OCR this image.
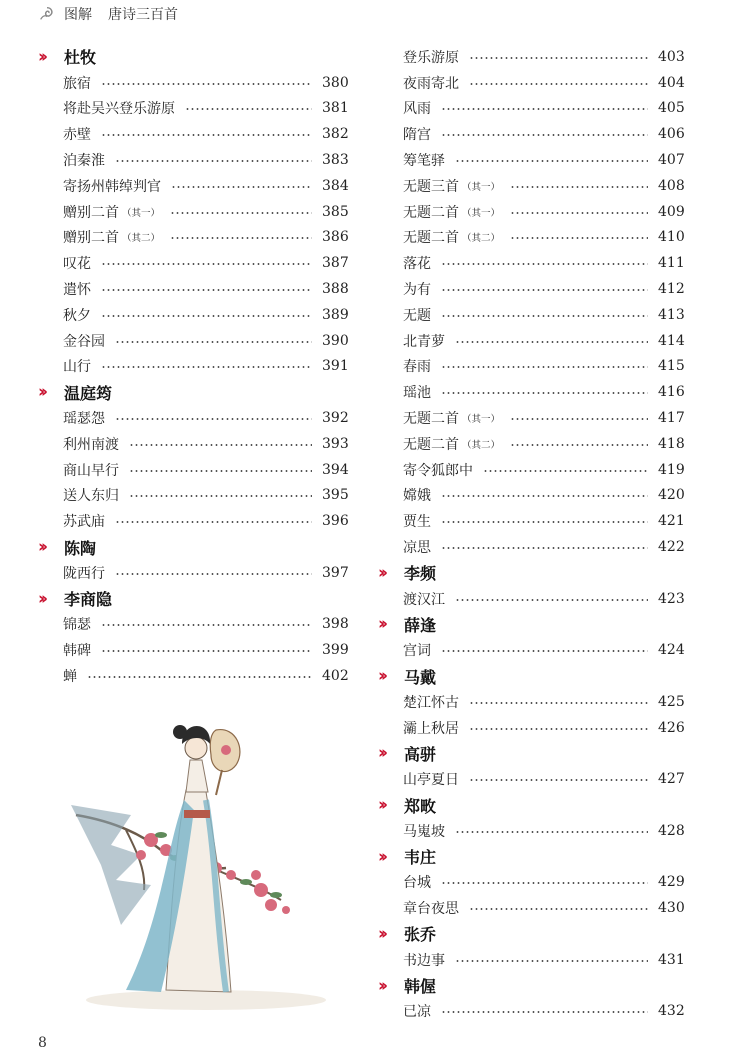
图解 唐诗三百首
››	杜牧
旅宿	380
将赴吴兴登乐游原	381
赤壁	382
泊秦淮	383
寄扬州韩绰判官	384
赠别二首 （其一）	385
赠别二首 （其二）	386
叹花	387
遣怀	388
秋夕	389
金谷园	390
山行	391
››	温庭筠
瑶瑟怨	392
利州南渡	393
商山早行	394
送人东归	395
苏武庙	396
››	陈陶
陇西行	397
››	李商隐
锦瑟	398
韩碑	399
蝉	402
登乐游原	403
夜雨寄北	404
风雨	405
隋宫	406
筹笔驿	407
无题三首 （其一）	408
无题二首 （其一）	409
无题二首 （其二）	410
落花	411
为有	412
无题	413
北青萝	414
春雨	415
瑶池	416
无题二首 （其一）	417
无题二首 （其二）	418
寄令狐郎中	419
嫦娥	420
贾生	421
凉思	422
››	李频
渡汉江	423
››	薛逢
宫词	424
››	马戴
楚江怀古	425
灞上秋居	426
››	高骈
山亭夏日	427
››	郑畋
马嵬坡	428
››	韦庄
台城	429
章台夜思	430
››	张乔
书边事	431
››	韩偓
已凉	432
8
